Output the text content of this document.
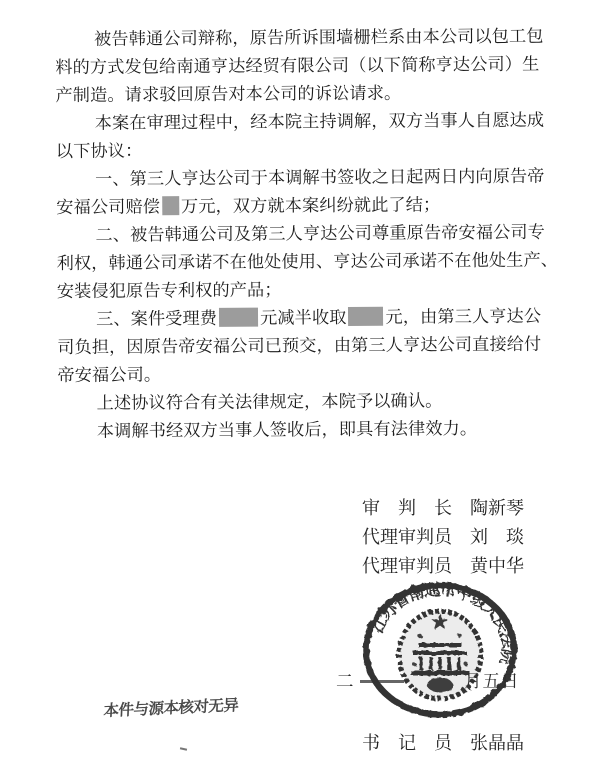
被告韩通公司辩称，原告所诉围墙栅栏系由本公司以包工包
料的方式发包给南通亨达经贸有限公司（以下简称亨达公司）生
产制造。请求驳回原告对本公司的诉讼请求。
本案在审理过程中，经本院主持调解，双方当事人自愿达成
以下协议：
一、第三人亨达公司于本调解书签收之日起两日内向原告帝
安福公司赔偿 万元，双方就本案纠纷就此了结；
二、被告韩通公司及第三人亨达公司尊重原告帝安福公司专
利权，韩通公司承诺不在他处使用、亨达公司承诺不在他处生产、
安装侵犯原告专利权的产品；
三、案件受理费 元减半收取 元，由第三人亨达公
司负担，因原告帝安福公司已预交，由第三人亨达公司直接给付
帝安福公司。
上述协议符合有关法律规定，本院予以确认。
本调解书经双方当事人签收后，即具有法律效力。
审　判　长　陶新琴
代理审判员　刘　琰
代理审判员　黄中华
二	月五日
江苏省南通市中级人民法院
书　记　员　张晶晶
本件与源本核对无异
